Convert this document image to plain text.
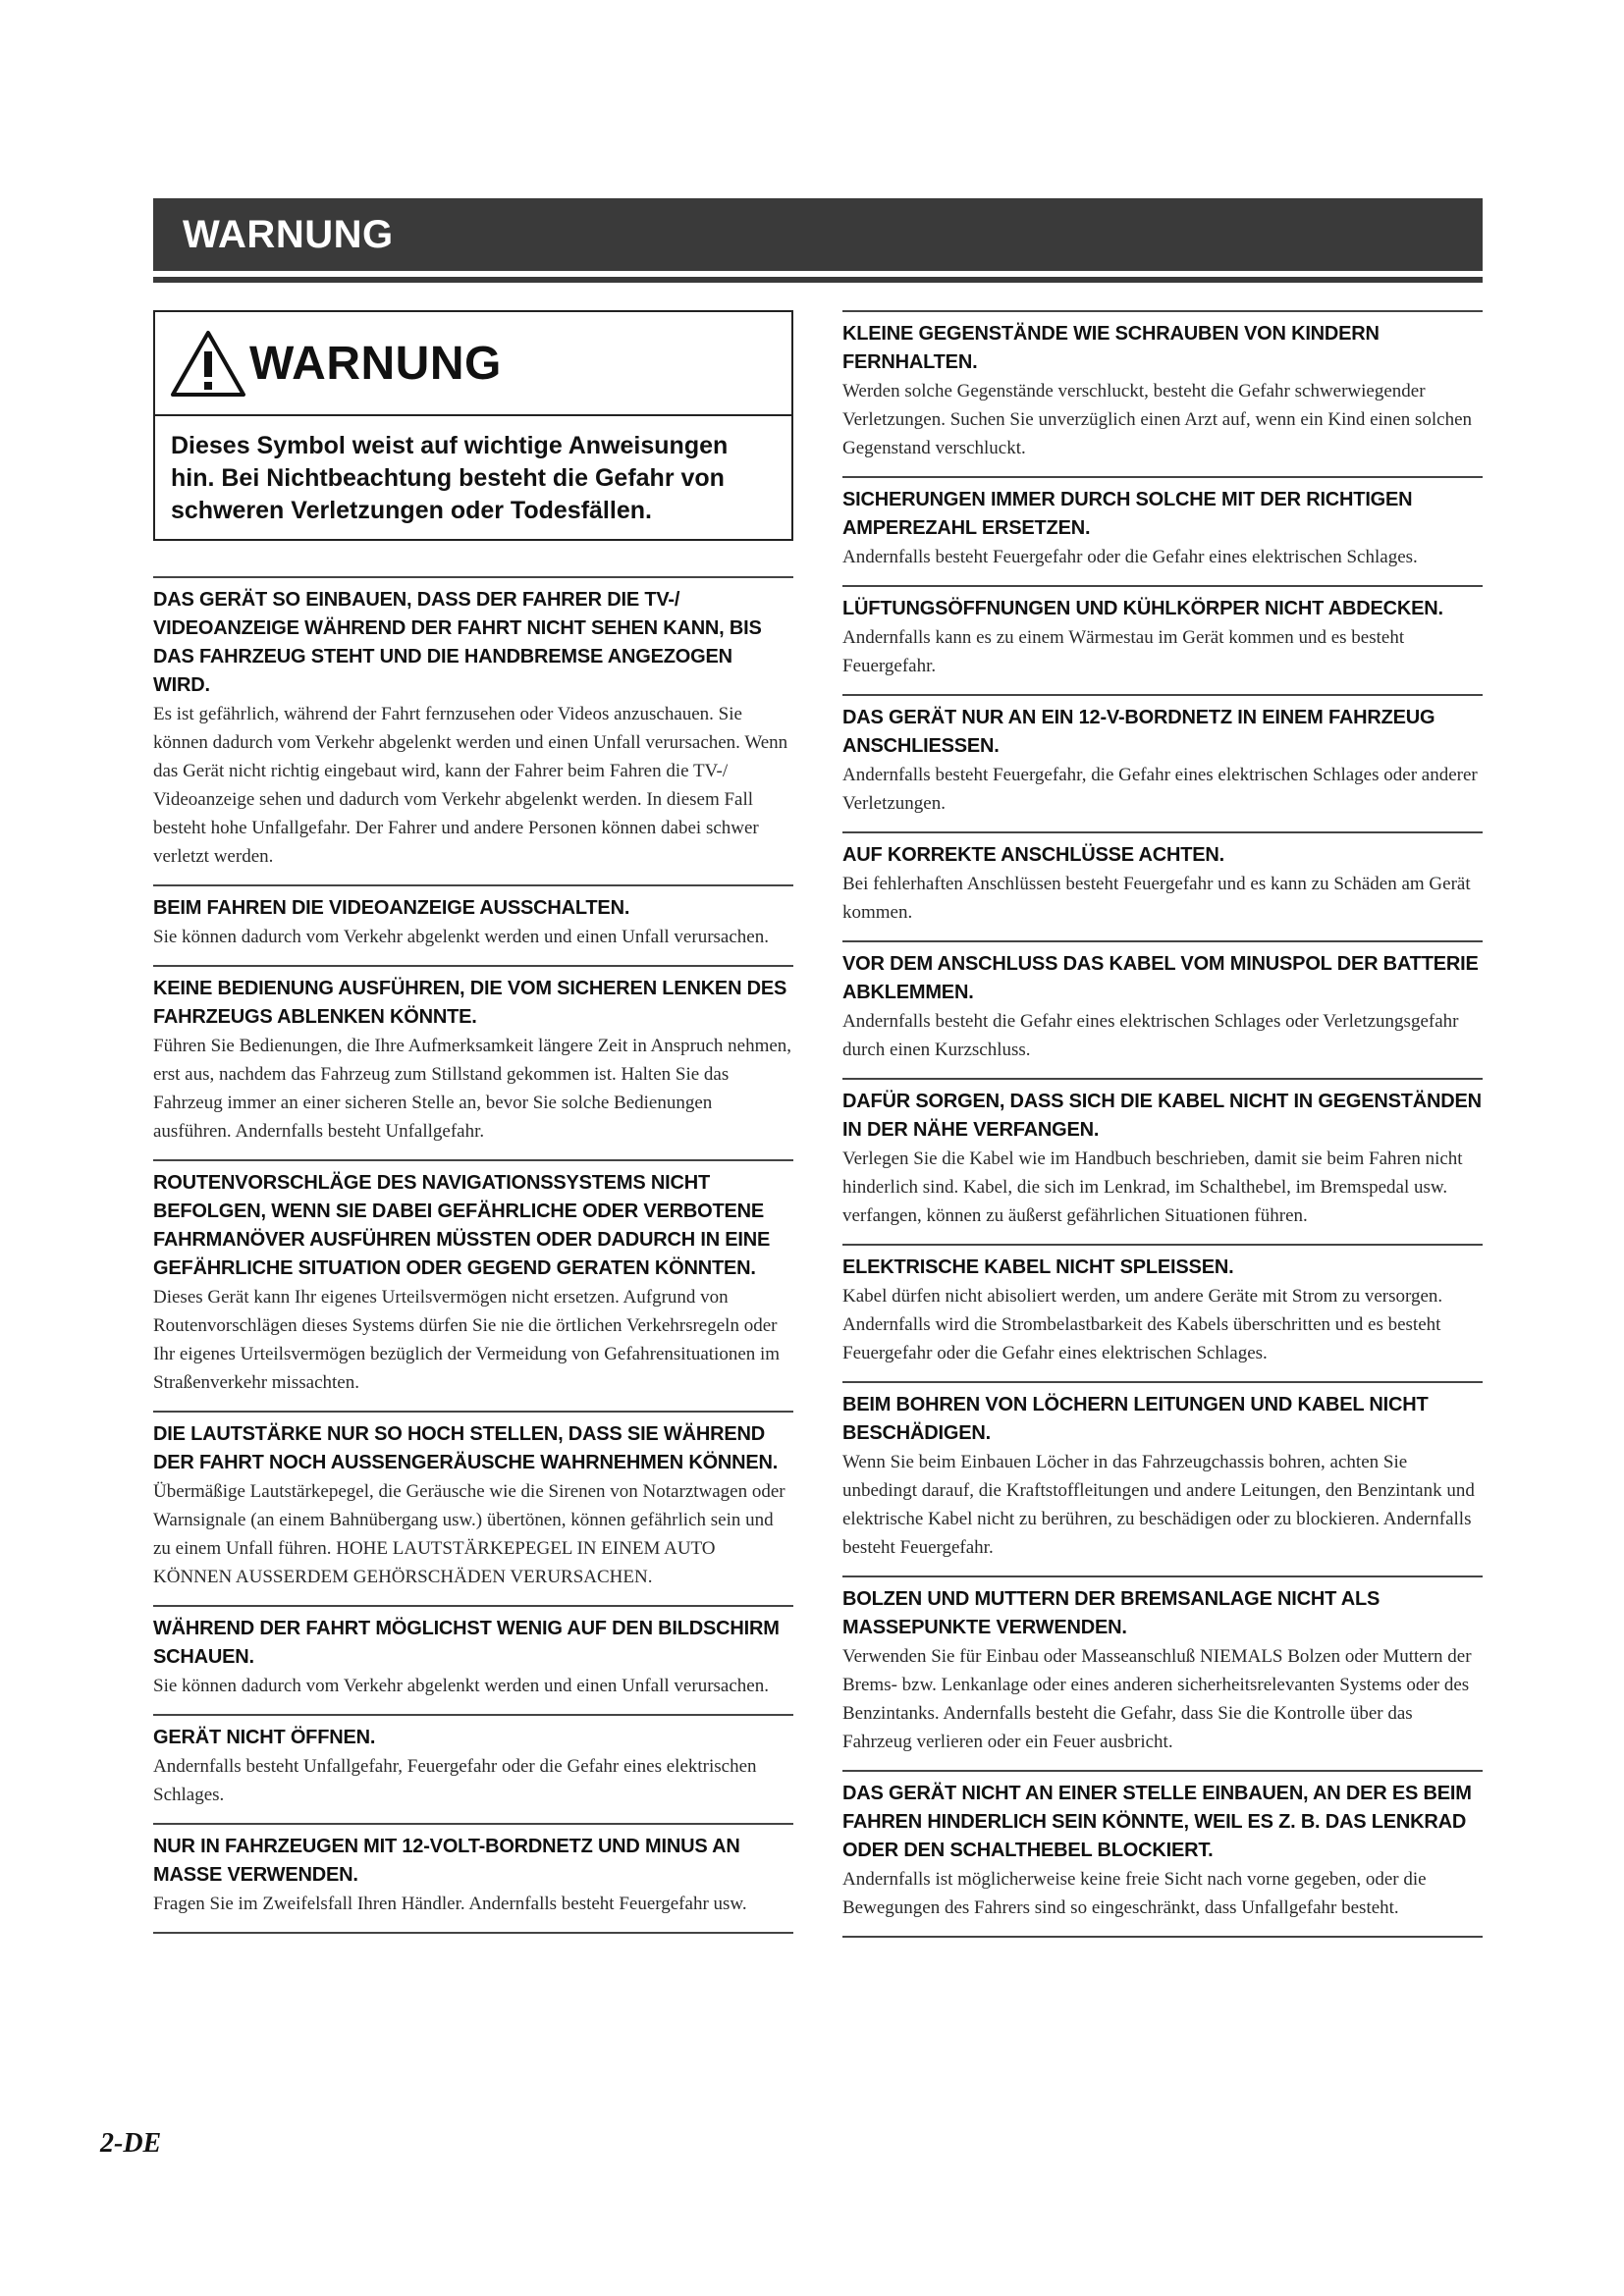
WARNUNG
WARNUNG
Dieses Symbol weist auf wichtige Anweisungen hin. Bei Nichtbeachtung besteht die Gefahr von schweren Verletzungen oder Todesfällen.
DAS GERÄT SO EINBAUEN, DASS DER FAHRER DIE TV-/ VIDEOANZEIGE WÄHREND DER FAHRT NICHT SEHEN KANN, BIS DAS FAHRZEUG STEHT UND DIE HANDBREMSE ANGEZOGEN WIRD.
Es ist gefährlich, während der Fahrt fernzusehen oder Videos anzuschauen. Sie können dadurch vom Verkehr abgelenkt werden und einen Unfall verursachen. Wenn das Gerät nicht richtig eingebaut wird, kann der Fahrer beim Fahren die TV-/ Videoanzeige sehen und dadurch vom Verkehr abgelenkt werden. In diesem Fall besteht hohe Unfallgefahr. Der Fahrer und andere Personen können dabei schwer verletzt werden.
BEIM FAHREN DIE VIDEOANZEIGE AUSSCHALTEN.
Sie können dadurch vom Verkehr abgelenkt werden und einen Unfall verursachen.
KEINE BEDIENUNG AUSFÜHREN, DIE VOM SICHEREN LENKEN DES FAHRZEUGS ABLENKEN KÖNNTE.
Führen Sie Bedienungen, die Ihre Aufmerksamkeit längere Zeit in Anspruch nehmen, erst aus, nachdem das Fahrzeug zum Stillstand gekommen ist. Halten Sie das Fahrzeug immer an einer sicheren Stelle an, bevor Sie solche Bedienungen ausführen. Andernfalls besteht Unfallgefahr.
ROUTENVORSCHLÄGE DES NAVIGATIONSSYSTEMS NICHT BEFOLGEN, WENN SIE DABEI GEFÄHRLICHE ODER VERBOTENE FAHRMANÖVER AUSFÜHREN MÜSSTEN ODER DADURCH IN EINE GEFÄHRLICHE SITUATION ODER GEGEND GERATEN KÖNNTEN.
Dieses Gerät kann Ihr eigenes Urteilsvermögen nicht ersetzen. Aufgrund von Routenvorschlägen dieses Systems dürfen Sie nie die örtlichen Verkehrsregeln oder Ihr eigenes Urteilsvermögen bezüglich der Vermeidung von Gefahrensituationen im Straßenverkehr missachten.
DIE LAUTSTÄRKE NUR SO HOCH STELLEN, DASS SIE WÄHREND DER FAHRT NOCH AUSSENGERÄUSCHE WAHRNEHMEN KÖNNEN.
Übermäßige Lautstärkepegel, die Geräusche wie die Sirenen von Notarztwagen oder Warnsignale (an einem Bahnübergang usw.) übertönen, können gefährlich sein und zu einem Unfall führen. HOHE LAUTSTÄRKEPEGEL IN EINEM AUTO KÖNNEN AUSSERDEM GEHÖRSCHÄDEN VERURSACHEN.
WÄHREND DER FAHRT MÖGLICHST WENIG AUF DEN BILDSCHIRM SCHAUEN.
Sie können dadurch vom Verkehr abgelenkt werden und einen Unfall verursachen.
GERÄT NICHT ÖFFNEN.
Andernfalls besteht Unfallgefahr, Feuergefahr oder die Gefahr eines elektrischen Schlages.
NUR IN FAHRZEUGEN MIT 12-VOLT-BORDNETZ UND MINUS AN MASSE VERWENDEN.
Fragen Sie im Zweifelsfall Ihren Händler. Andernfalls besteht Feuergefahr usw.
KLEINE GEGENSTÄNDE WIE SCHRAUBEN VON KINDERN FERNHALTEN.
Werden solche Gegenstände verschluckt, besteht die Gefahr schwerwiegender Verletzungen. Suchen Sie unverzüglich einen Arzt auf, wenn ein Kind einen solchen Gegenstand verschluckt.
SICHERUNGEN IMMER DURCH SOLCHE MIT DER RICHTIGEN AMPEREZAHL ERSETZEN.
Andernfalls besteht Feuergefahr oder die Gefahr eines elektrischen Schlages.
LÜFTUNGSÖFFNUNGEN UND KÜHLKÖRPER NICHT ABDECKEN.
Andernfalls kann es zu einem Wärmestau im Gerät kommen und es besteht Feuergefahr.
DAS GERÄT NUR AN EIN 12-V-BORDNETZ IN EINEM FAHRZEUG ANSCHLIESSEN.
Andernfalls besteht Feuergefahr, die Gefahr eines elektrischen Schlages oder anderer Verletzungen.
AUF KORREKTE ANSCHLÜSSE ACHTEN.
Bei fehlerhaften Anschlüssen besteht Feuergefahr und es kann zu Schäden am Gerät kommen.
VOR DEM ANSCHLUSS DAS KABEL VOM MINUSPOL DER BATTERIE ABKLEMMEN.
Andernfalls besteht die Gefahr eines elektrischen Schlages oder Verletzungsgefahr durch einen Kurzschluss.
DAFÜR SORGEN, DASS SICH DIE KABEL NICHT IN GEGENSTÄNDEN IN DER NÄHE VERFANGEN.
Verlegen Sie die Kabel wie im Handbuch beschrieben, damit sie beim Fahren nicht hinderlich sind. Kabel, die sich im Lenkrad, im Schalthebel, im Bremspedal usw. verfangen, können zu äußerst gefährlichen Situationen führen.
ELEKTRISCHE KABEL NICHT SPLEISSEN.
Kabel dürfen nicht abisoliert werden, um andere Geräte mit Strom zu versorgen. Andernfalls wird die Strombelastbarkeit des Kabels überschritten und es besteht Feuergefahr oder die Gefahr eines elektrischen Schlages.
BEIM BOHREN VON LÖCHERN LEITUNGEN UND KABEL NICHT BESCHÄDIGEN.
Wenn Sie beim Einbauen Löcher in das Fahrzeugchassis bohren, achten Sie unbedingt darauf, die Kraftstoffleitungen und andere Leitungen, den Benzintank und elektrische Kabel nicht zu berühren, zu beschädigen oder zu blockieren. Andernfalls besteht Feuergefahr.
BOLZEN UND MUTTERN DER BREMSANLAGE NICHT ALS MASSEPUNKTE VERWENDEN.
Verwenden Sie für Einbau oder Masseanschluß NIEMALS Bolzen oder Muttern der Brems- bzw. Lenkanlage oder eines anderen sicherheitsrelevanten Systems oder des Benzintanks. Andernfalls besteht die Gefahr, dass Sie die Kontrolle über das Fahrzeug verlieren oder ein Feuer ausbricht.
DAS GERÄT NICHT AN EINER STELLE EINBAUEN, AN DER ES BEIM FAHREN HINDERLICH SEIN KÖNNTE, WEIL ES Z. B. DAS LENKRAD ODER DEN SCHALTHEBEL BLOCKIERT.
Andernfalls ist möglicherweise keine freie Sicht nach vorne gegeben, oder die Bewegungen des Fahrers sind so eingeschränkt, dass Unfallgefahr besteht.
2-DE
